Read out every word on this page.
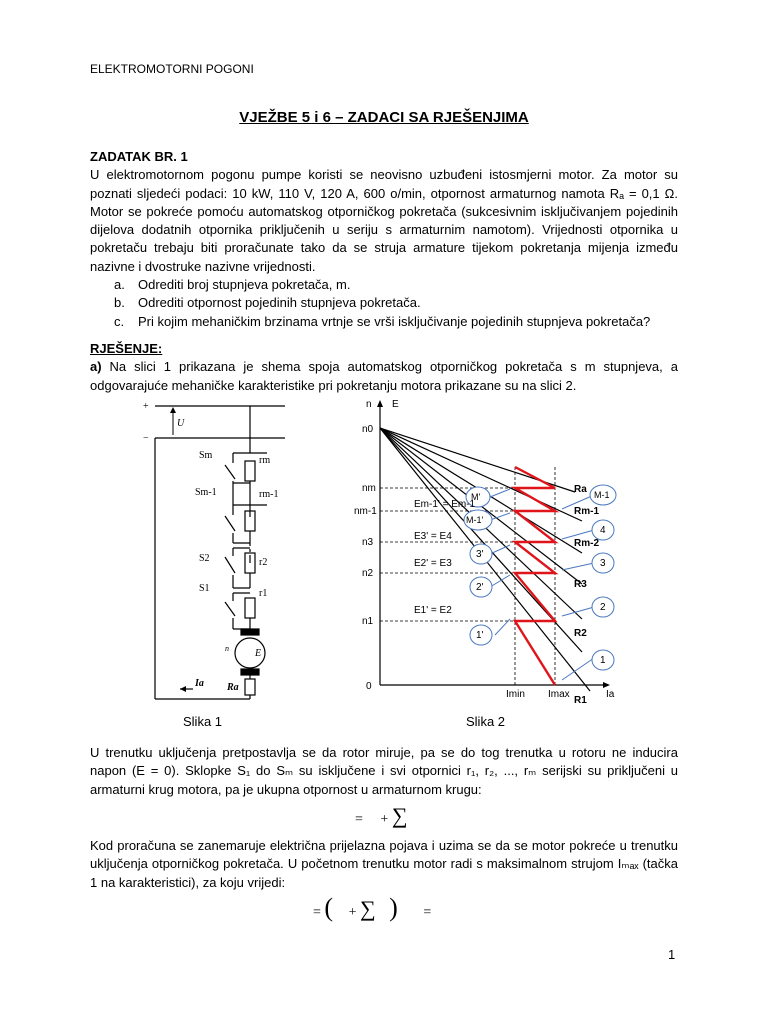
ELEKTROMOTORNI POGONI
VJEŽBE 5 i 6 – ZADACI SA RJEŠENJIMA
ZADATAK BR. 1
U elektromotornom pogonu pumpe koristi se neovisno uzbuđeni istosmjerni motor. Za motor su poznati sljedeći podaci: 10 kW, 110 V, 120 A, 600 o/min, otpornost armaturnog namota Rₐ = 0,1 Ω. Motor se pokreće pomoću automatskog otporničkog pokretača (sukcesivnim isključivanjem pojedinih dijelova dodatnih otpornika priključenih u seriju s armaturnim namotom). Vrijednosti otpornika u pokretaču trebaju biti proračunate tako da se struja armature tijekom pokretanja mijenja između nazivne i dvostruke nazivne vrijednosti.
a. Odrediti broj stupnjeva pokretača, m.
b. Odrediti otpornost pojedinih stupnjeva pokretača.
c. Pri kojim mehaničkim brzinama vrtnje se vrši isključivanje pojedinih stupnjeva pokretača?
RJEŠENJE:
a) Na slici 1 prikazana je shema spoja automatskog otporničkog pokretača s m stupnjeva, a odgovarajuće mehaničke karakteristike pri pokretanju motora prikazane su na slici 2.
+
−
U
Sm	rm
Sm-1	rm-1
S2	r2
S1	r1
E
n
Ia Ra
n E
Ia
0
n0
nm
nm-1
n3
n2
n1
Imin Imax
Em-1' = Em-1
E3' = E4
E2' = E3
E1' = E2
Ra
Rm-1
Rm-2
R3
R2
R1
M-1
4
3
2
1
M'
M-1'
3'
2'
1'
Slika 1	Slika 2
U trenutku uključenja pretpostavlja se da rotor miruje, pa se do tog trenutka u rotoru ne inducira napon (E = 0). Sklopke S₁ do Sₘ su isključene i svi otpornici r₁, r₂, ..., rₘ serijski su priključeni u armaturni krug motora, pa je ukupna otpornost u armaturnom krugu:
= + ∑
Kod proračuna se zanemaruje električna prijelazna pojava i uzima se da se motor pokreće u trenutku uključenja otporničkog pokretača. U početnom trenutku motor radi s maksimalnom strujom Iₘₐₓ (tačka 1 na karakteristici), za koju vrijedi:
= ( + ∑ ) =
1
